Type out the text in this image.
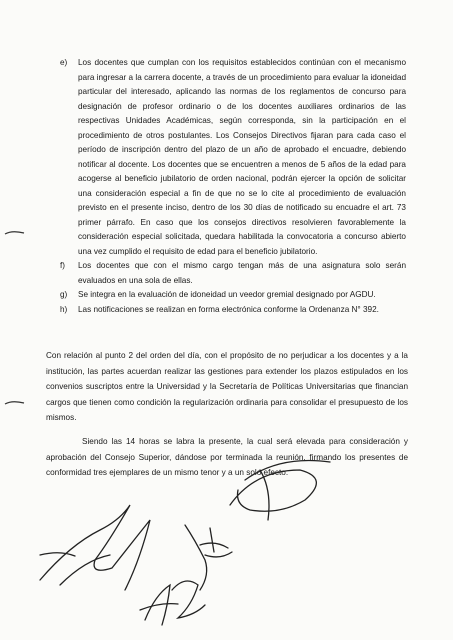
e) Los docentes que cumplan con los requisitos establecidos continúan con el mecanismo para ingresar a la carrera docente, a través de un procedimiento para evaluar la idoneidad particular del interesado, aplicando las normas de los reglamentos de concurso para designación de profesor ordinario o de los docentes auxiliares ordinarios de las respectivas Unidades Académicas, según corresponda, sin la participación en el procedimiento de otros postulantes. Los Consejos Directivos fijaran para cada caso el período de inscripción dentro del plazo de un año de aprobado el encuadre, debiendo notificar al docente. Los docentes que se encuentren a menos de 5 años de la edad para acogerse al beneficio jubilatorio de orden nacional, podrán ejercer la opción de solicitar una consideración especial a fin de que no se lo cite al procedimiento de evaluación previsto en el presente inciso, dentro de los 30 días de notificado su encuadre el art. 73 primer párrafo. En caso que los consejos directivos resolvieren favorablemente la consideración especial solicitada, quedara habilitada la convocatoria a concurso abierto una vez cumplido el requisito de edad para el beneficio jubilatorio.

f) Los docentes que con el mismo cargo tengan más de una asignatura solo serán evaluados en una sola de ellas.

g) Se integra en la evaluación de idoneidad un veedor gremial designado por AGDU.

h) Las notificaciones se realizan en forma electrónica conforme la Ordenanza N° 392.

Con relación al punto 2 del orden del día, con el propósito de no perjudicar a los docentes y a la institución, las partes acuerdan realizar las gestiones para extender los plazos estipulados en los convenios suscriptos entre la Universidad y la Secretaría de Políticas Universitarias que financian cargos que tienen como condición la regularización ordinaria para consolidar el presupuesto de los mismos.

Siendo las 14 horas se labra la presente, la cual será elevada para consideración y aprobación del Consejo Superior, dándose por terminada la reunión, firmando los presentes de conformidad tres ejemplares de un mismo tenor y a un solo efecto.
